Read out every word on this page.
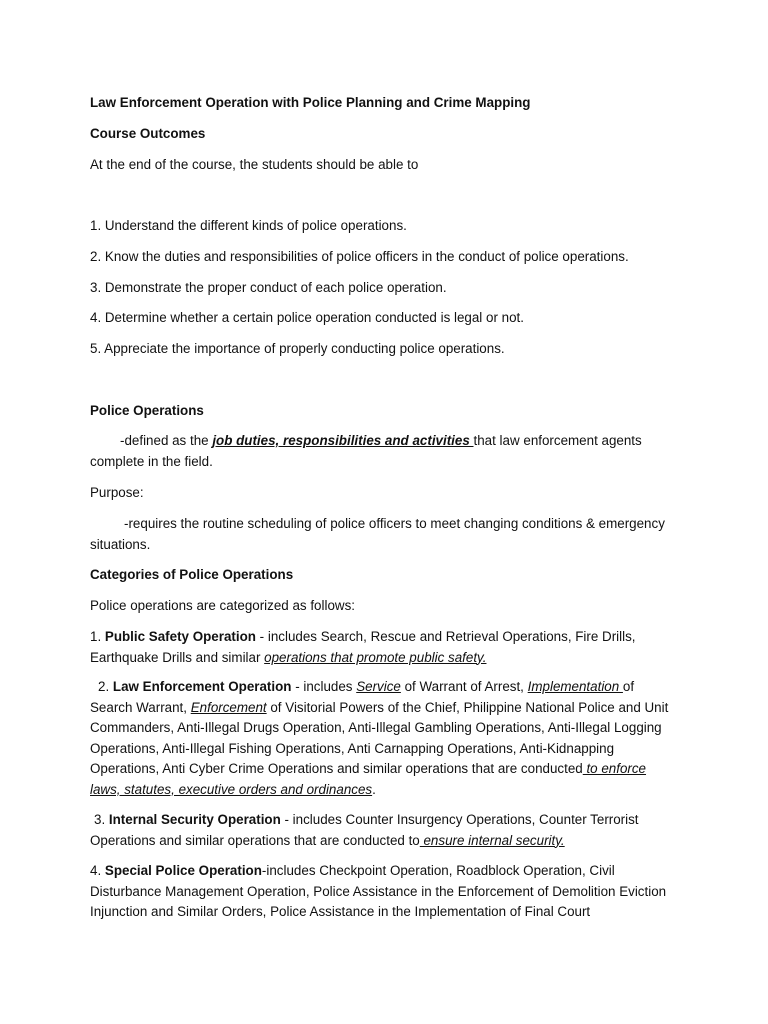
Law Enforcement Operation with Police Planning and Crime Mapping

Course Outcomes

At the end of the course, the students should be able to

1. Understand the different kinds of police operations.

2. Know the duties and responsibilities of police officers in the conduct of police operations.

3. Demonstrate the proper conduct of each police operation.

4. Determine whether a certain police operation conducted is legal or not.

5. Appreciate the importance of properly conducting police operations.

Police Operations

-defined as the job duties, responsibilities and activities that law enforcement agents complete in the field.

Purpose:

-requires the routine scheduling of police officers to meet changing conditions & emergency situations.

Categories of Police Operations

Police operations are categorized as follows:

1. Public Safety Operation - includes Search, Rescue and Retrieval Operations, Fire Drills, Earthquake Drills and similar operations that promote public safety.

2. Law Enforcement Operation - includes Service of Warrant of Arrest, Implementation of Search Warrant, Enforcement of Visitorial Powers of the Chief, Philippine National Police and Unit Commanders, Anti-Illegal Drugs Operation, Anti-Illegal Gambling Operations, Anti-Illegal Logging Operations, Anti-Illegal Fishing Operations, Anti Carnapping Operations, Anti-Kidnapping Operations, Anti Cyber Crime Operations and similar operations that are conducted to enforce laws, statutes, executive orders and ordinances.

3. Internal Security Operation - includes Counter Insurgency Operations, Counter Terrorist Operations and similar operations that are conducted to ensure internal security.

4. Special Police Operation-includes Checkpoint Operation, Roadblock Operation, Civil Disturbance Management Operation, Police Assistance in the Enforcement of Demolition Eviction Injunction and Similar Orders, Police Assistance in the Implementation of Final Court
